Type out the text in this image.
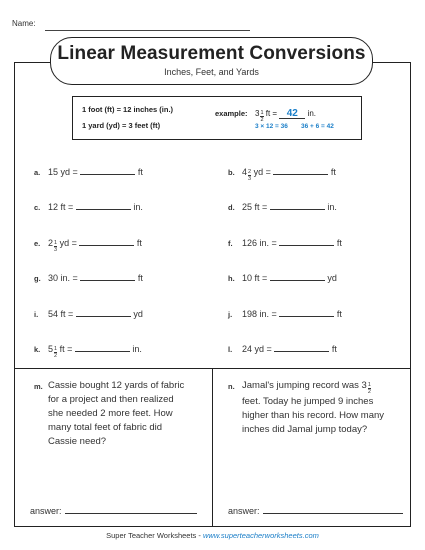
Name:
Linear Measurement Conversions
Inches, Feet, and Yards
1 foot (ft) = 12 inches (in.)
1 yard (yd) = 3 feet (ft)
example: $3 \frac{1}{2}$ ft = 42 in.
3 × 12 = 36 36 + 6 = 42
a. 15 yd =	ft	b. $4 \frac{2}{3}$ yd =	ft
c. 12 ft =	in.	d. 25 ft =	in.
e. $2 \frac{1}{3}$ yd =	ft	f. 126 in. =	ft
g. 30 in. =	ft	h. 10 ft =	yd
i. 54 ft =	yd	j. 198 in. =	ft
k. $5 \frac{1}{2}$ ft =	in.	l. 24 yd =	ft
m. Cassie bought 12 yards of fabric
for a project and then realized
she needed 2 more feet. How
many total feet of fabric did
Cassie need?
answer:
n. Jamal's jumping record was $3 \frac{1}{2}$
feet. Today he jumped 9 inches
higher than his record. How many
inches did Jamal jump today?
answer:
Super Teacher Worksheets - www.superteacherworksheets.com
